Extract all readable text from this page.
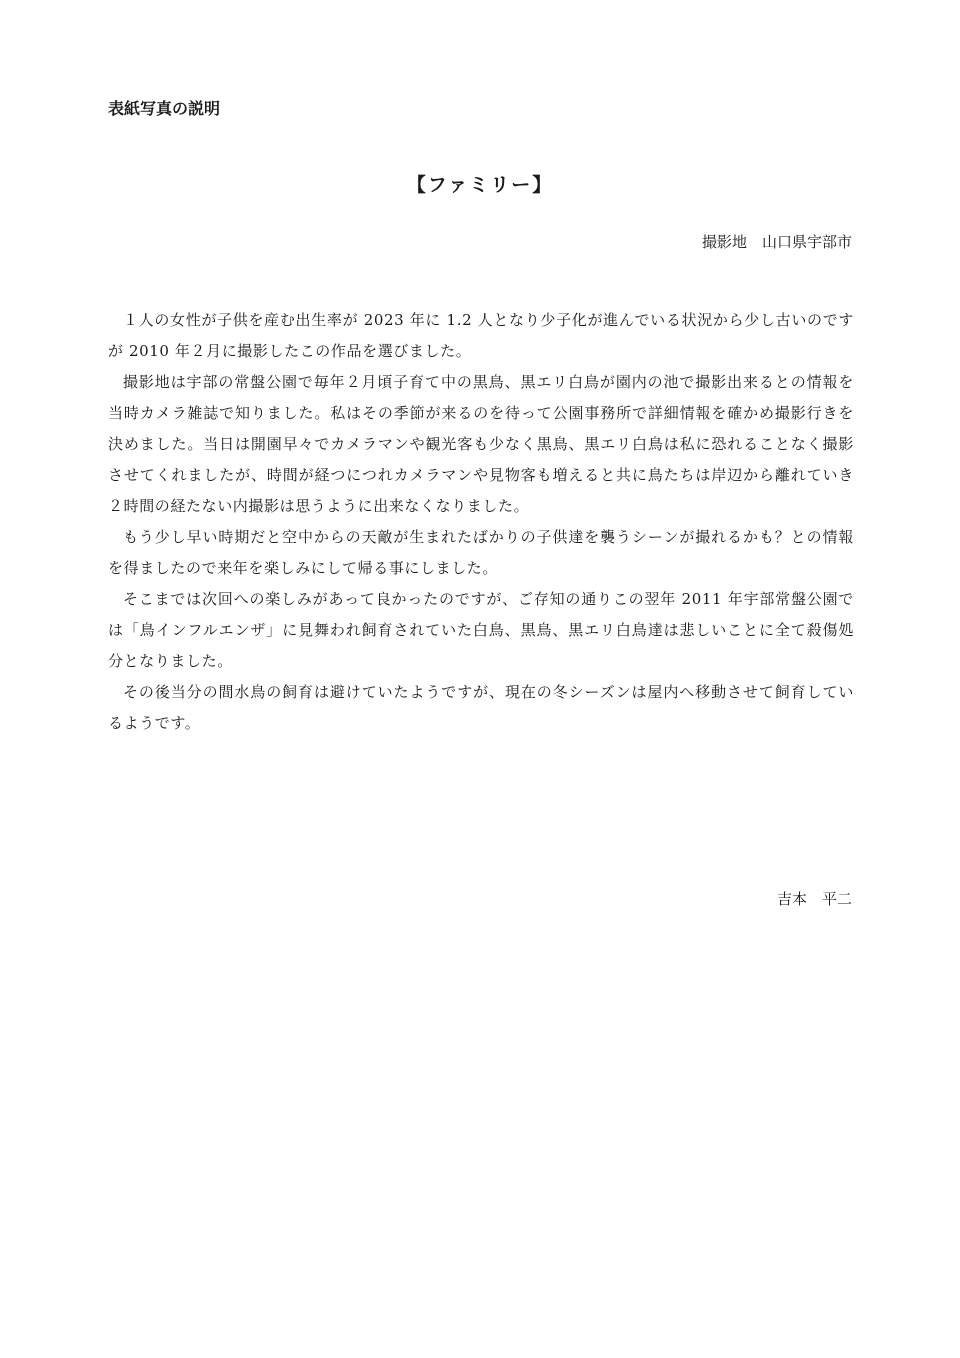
表紙写真の説明
【ファミリー】

撮影地　山口県宇部市

１人の女性が子供を産む出生率が 2023 年に 1.2 人となり少子化が進んでいる状況から少し古いのですが 2010 年２月に撮影したこの作品を選びました。

撮影地は宇部の常盤公園で毎年２月頃子育て中の黒鳥、黒エリ白鳥が園内の池で撮影出来るとの情報を当時カメラ雑誌で知りました。私はその季節が来るのを待って公園事務所で詳細情報を確かめ撮影行きを決めました。当日は開園早々でカメラマンや観光客も少なく黒鳥、黒エリ白鳥は私に恐れることなく撮影させてくれましたが、時間が経つにつれカメラマンや見物客も増えると共に鳥たちは岸辺から離れていき２時間の経たない内撮影は思うように出来なくなりました。

もう少し早い時期だと空中からの天敵が生まれたばかりの子供達を襲うシーンが撮れるかも？との情報を得ましたので来年を楽しみにして帰る事にしました。

そこまでは次回への楽しみがあって良かったのですが、ご存知の通りこの翌年 2011 年宇部常盤公園では「鳥インフルエンザ」に見舞われ飼育されていた白鳥、黒鳥、黒エリ白鳥達は悲しいことに全て殺傷処分となりました。

その後当分の間水鳥の飼育は避けていたようですが、現在の冬シーズンは屋内へ移動させて飼育しているようです。

吉本　平二
